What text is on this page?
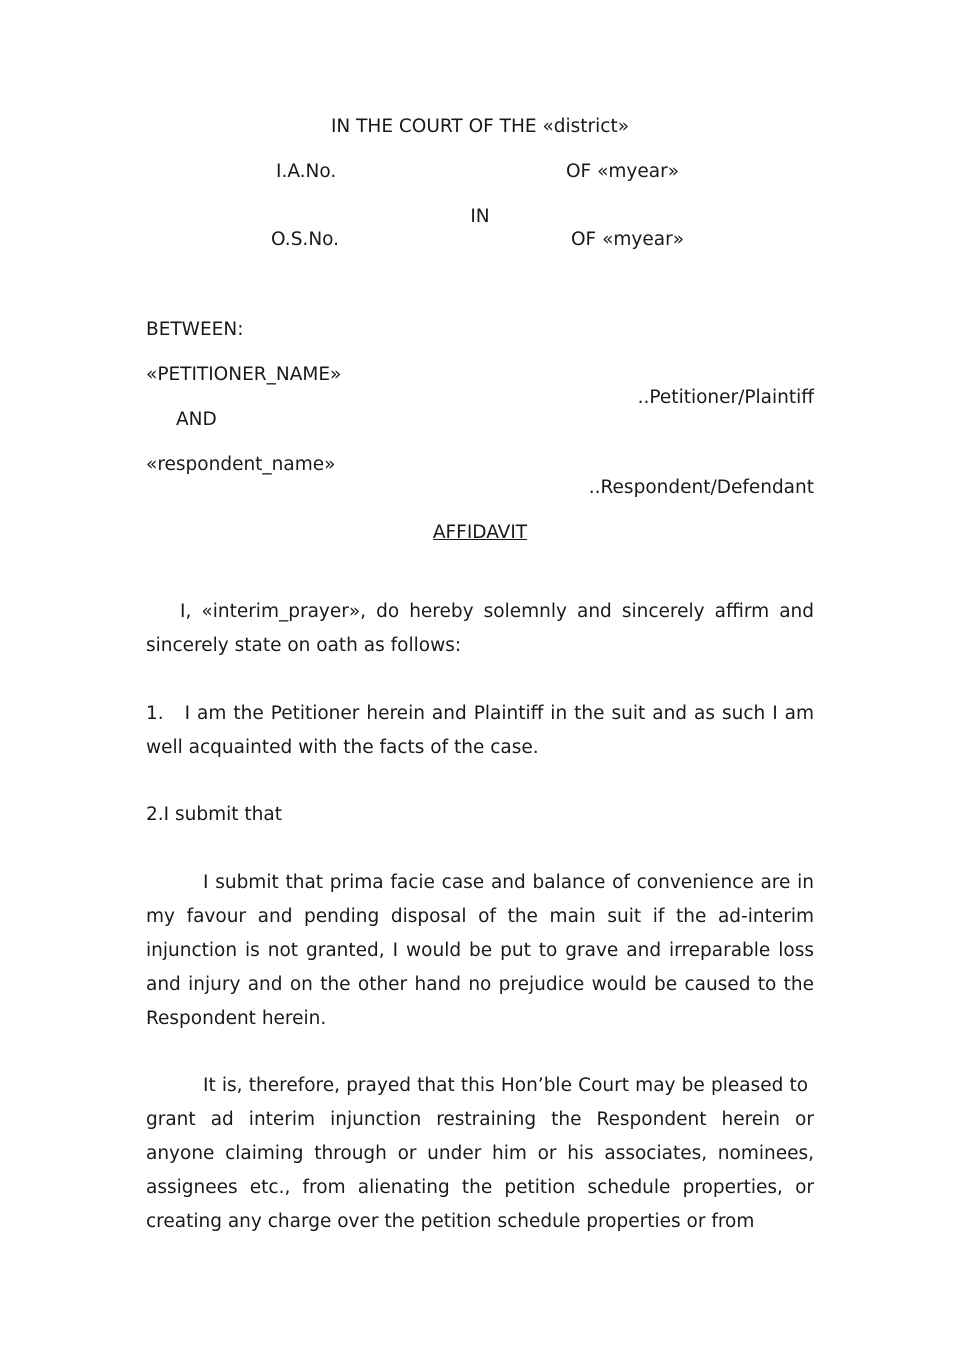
IN THE COURT OF THE «district»
I.A.No.	OF «myear»
IN
O.S.No.	OF «myear»
BETWEEN:
«PETITIONER_NAME»
..Petitioner/Plaintiff
AND
«respondent_name»
..Respondent/Defendant
AFFIDAVIT

I, «interim_prayer», do hereby solemnly and sincerely affirm and sincerely state on oath as follows:

1.   I am the Petitioner herein and Plaintiff in the suit and as such I am well acquainted with the facts of the case.

2.I submit that

I submit that prima facie case and balance of convenience are in my favour and pending disposal of the main suit if the ad-interim injunction is not granted, I would be put to grave and irreparable loss and injury and on the other hand no prejudice would be caused to the Respondent herein.

It is, therefore, prayed that this Hon’ble Court may be pleased to  grant ad interim injunction restraining the Respondent herein or anyone claiming through or under him or his associates, nominees, assignees etc., from alienating the petition schedule properties, or creating any charge over the petition schedule properties or from
